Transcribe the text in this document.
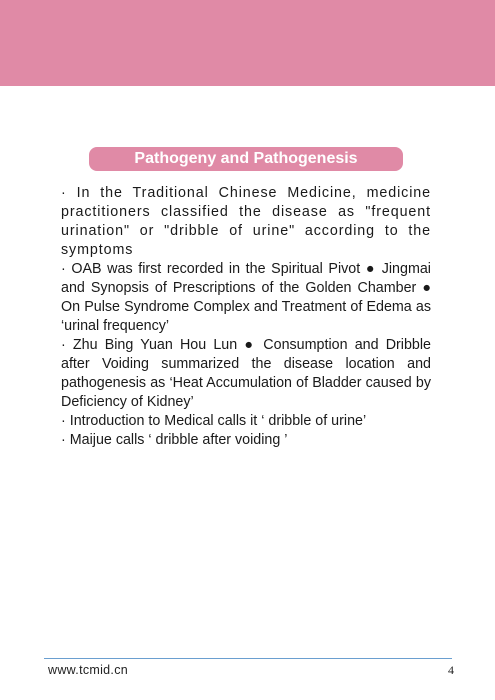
Pathogeny and Pathogenesis

· In the Traditional Chinese Medicine, medicine practitioners classified the disease as "frequent urination" or "dribble of urine" according to the symptoms

· OAB was first recorded in the Spiritual Pivot ● Jingmai and Synopsis of Prescriptions of the Golden Chamber ● On Pulse Syndrome Complex and Treatment of Edema as ‘urinal frequency’

· Zhu Bing Yuan Hou Lun ● Consumption and Dribble after Voiding summarized the disease location and pathogenesis as ‘Heat Accumulation of Bladder caused by Deficiency of Kidney’

· Introduction to Medical calls it ‘ dribble of urine’

· Maijue calls ‘ dribble after voiding ’

www.tcmid.cn	4
